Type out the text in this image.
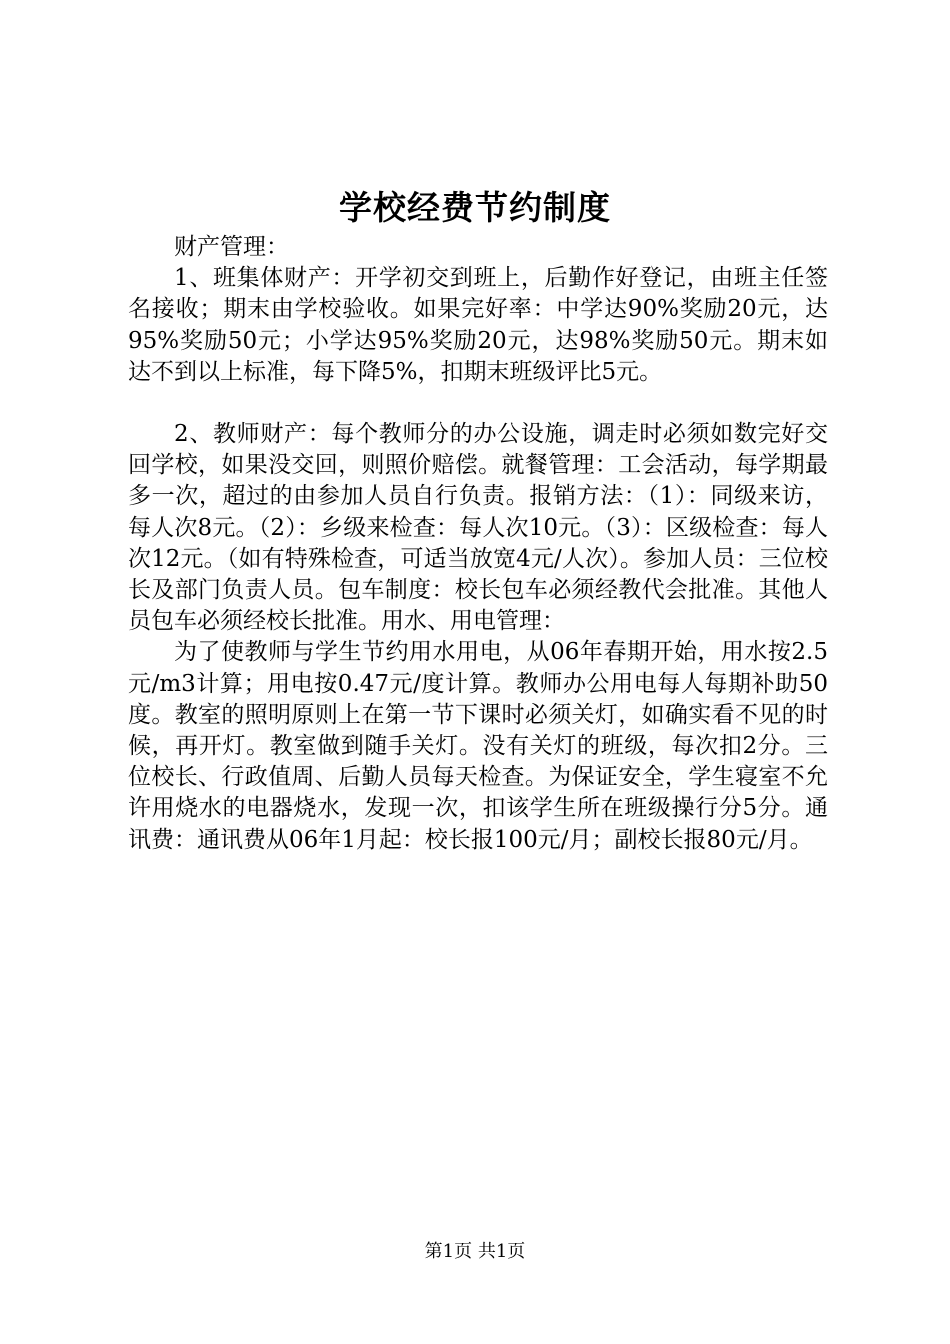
学校经费节约制度

财产管理：

1、班集体财产：开学初交到班上，后勤作好登记，由班主任签名接收；期末由学校验收。如果完好率：中学达90%奖励20元，达95%奖励50元；小学达95%奖励20元，达98%奖励50元。期末如达不到以上标准，每下降5%，扣期末班级评比5元。

2、教师财产：每个教师分的办公设施，调走时必须如数完好交回学校，如果没交回，则照价赔偿。就餐管理：工会活动，每学期最多一次，超过的由参加人员自行负责。报销方法：（1）：同级来访，每人次8元。（2）：乡级来检查：每人次10元。（3）：区级检查：每人次12元。（如有特殊检查，可适当放宽4元/人次）。参加人员：三位校长及部门负责人员。包车制度：校长包车必须经教代会批准。其他人员包车必须经校长批准。用水、用电管理：

为了使教师与学生节约用水用电，从06年春期开始，用水按2.5元/m3计算；用电按0.47元/度计算。教师办公用电每人每期补助50度。教室的照明原则上在第一节下课时必须关灯，如确实看不见的时候，再开灯。教室做到随手关灯。没有关灯的班级，每次扣2分。三位校长、行政值周、后勤人员每天检查。为保证安全，学生寝室不允许用烧水的电器烧水，发现一次，扣该学生所在班级操行分5分。通讯费：通讯费从06年1月起：校长报100元/月；副校长报80元/月。

第1页 共1页
